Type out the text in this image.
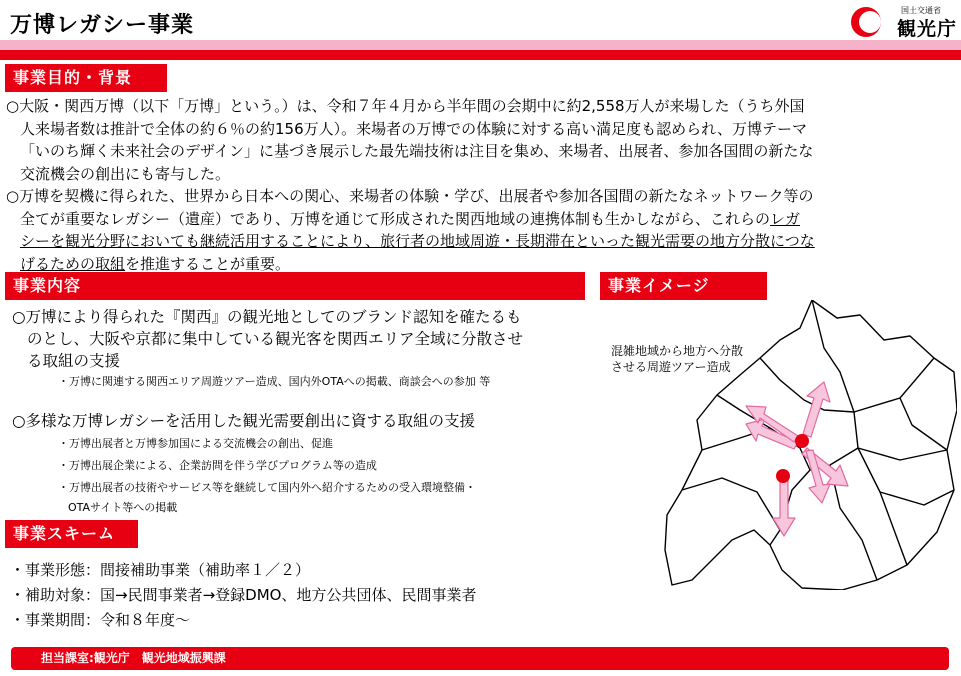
万博レガシー事業
国土交通省
観光庁
事業目的・背景
○大阪・関西万博（以下「万博」という。）は、令和７年４月から半年間の会期中に約2,558万人が来場した（うち外国
人来場者数は推計で全体の約６％の約156万人）。来場者の万博での体験に対する高い満足度も認められ、万博テーマ
「いのち輝く未来社会のデザイン」に基づき展示した最先端技術は注目を集め、来場者、出展者、参加各国間の新たな
交流機会の創出にも寄与した。
○万博を契機に得られた、世界から日本への関心、来場者の体験・学び、出展者や参加各国間の新たなネットワーク等の
全てが重要なレガシー（遺産）であり、万博を通じて形成された関西地域の連携体制も生かしながら、これらのレガ
シーを観光分野においても継続活用することにより、旅行者の地域周遊・長期滞在といった観光需要の地方分散につな
げるための取組を推進することが重要。
事業内容
○万博により得られた『関西』の観光地としてのブランド認知を確たるも
のとし、大阪や京都に集中している観光客を関西エリア全域に分散させ
る取組の支援
・万博に関連する関西エリア周遊ツアー造成、国内外OTAへの掲載、商談会への参加 等
○多様な万博レガシーを活用した観光需要創出に資する取組の支援
・万博出展者と万博参加国による交流機会の創出、促進
・万博出展企業による、企業訪問を伴う学びプログラム等の造成
・万博出展者の技術やサービス等を継続して国内外へ紹介するための受入環境整備・
OTAサイト等への掲載
事業イメージ
混雑地域から地方へ分散
させる周遊ツアー造成
事業スキーム
・事業形態：間接補助事業（補助率１／２）
・補助対象：国→民間事業者→登録DMO、地方公共団体、民間事業者
・事業期間：令和８年度～
担当課室:観光庁　観光地域振興課
